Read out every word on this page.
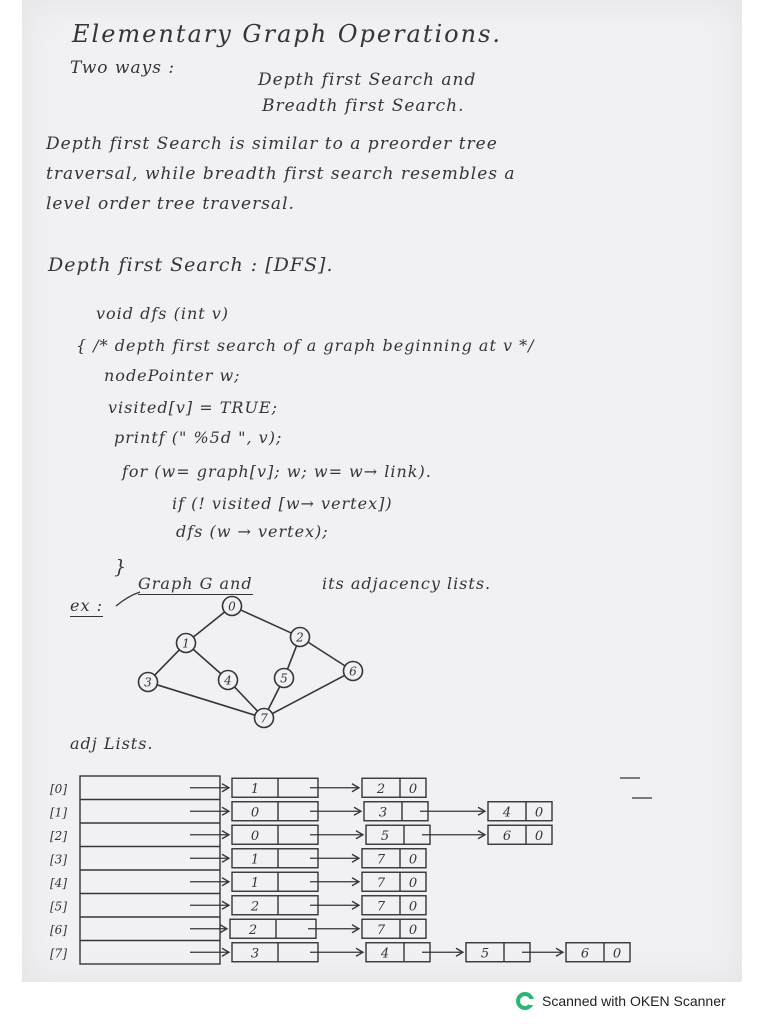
Elementary Graph Operations.
Two ways :
Depth first Search and
Breadth first Search.
Depth first Search is similar to a preorder tree
traversal, while breadth first search resembles a
level order tree traversal.
Depth first Search : [DFS].
void dfs (int v)
{ /* depth first search of a graph beginning at v */
nodePointer w;
visited[v] = TRUE;
printf (" %5d ", v);
for (w= graph[v]; w; w= w→ link).
if (! visited [w→ vertex])
dfs (w → vertex);
}
ex :
Graph G and	its adjacency lists.
0
1	2
3	4	5	6
7
adj Lists.
[0]	1	2 0
[1]	0	3	4 0
[2]	0	5	6 0
[3]	1	7 0
[4]	1	7 0
[5]	2	7 0
[6]	2	7 0
[7]	3	4	5	6 0
Scanned with OKEN Scanner
